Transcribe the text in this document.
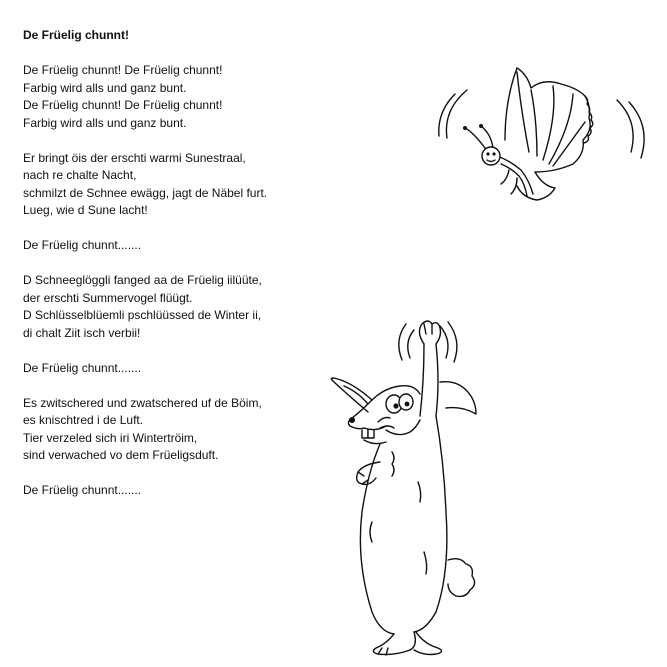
De Früelig chunnt!

De Früelig chunnt! De Früelig chunnt!
Farbig wird alls und ganz bunt.
De Früelig chunnt! De Früelig chunnt!
Farbig wird alls und ganz bunt.

Er bringt öis der erschti warmi Sunestraal,
nach re chalte Nacht,
schmilzt de Schnee ewägg, jagt de Näbel furt.
Lueg, wie d Sune lacht!

De Früelig chunnt.......

D Schneeglöggli fanged aa de Früelig iilüüte,
der erschti Summervogel flüügt.
D Schlüsselblüemli pschlüüssed de Winter ii,
di chalt Ziit isch verbii!

De Früelig chunnt.......

Es zwitschered und zwatschered uf de Böim,
es knischtred i de Luft.
Tier verzeled sich iri Wintertröim,
sind verwached vo dem Früeligsduft.

De Früelig chunnt.......
